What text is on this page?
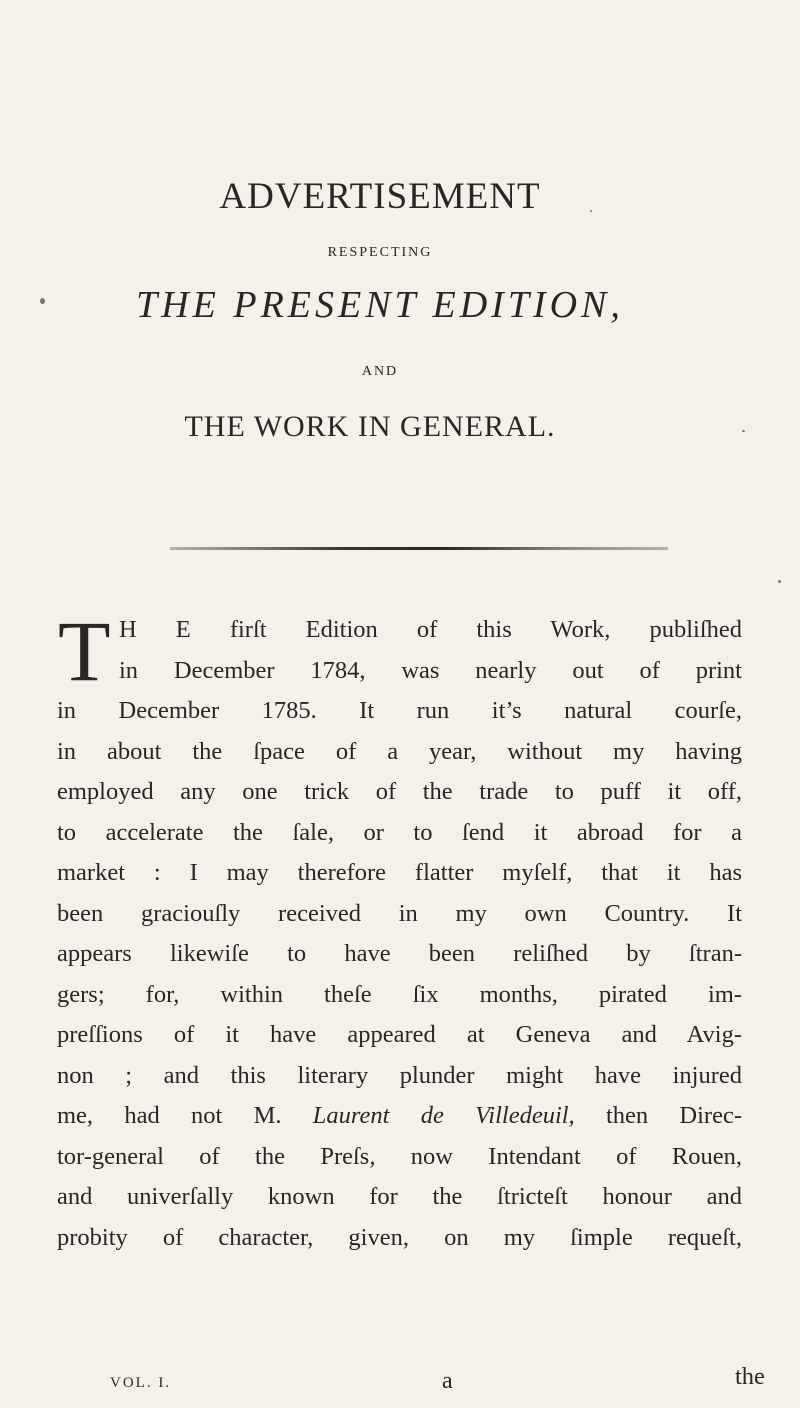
ADVERTISEMENT
RESPECTING
THE PRESENT EDITION,
AND
THE WORK IN GENERAL.
T H E firſt Edition of this Work, publiſhed
in December 1784, was nearly out of print
in December 1785. It run it’s natural courſe,
in about the ſpace of a year, without my having
employed any one trick of the trade to puff it off,
to accelerate the ſale, or to ſend it abroad for a
market : I may therefore flatter myſelf, that it has
been graciouſly received in my own Country. It
appears likewiſe to have been reliſhed by ſtran-
gers; for, within theſe ſix months, pirated im-
preſſions of it have appeared at Geneva and Avig-
non ; and this literary plunder might have injured
me, had not M. Laurent de Villedeuil, then Direc-
tor-general of the Preſs, now Intendant of Rouen,
and univerſally known for the ſtricteſt honour and
probity of character, given, on my ſimple requeſt,
VOL. I.	a	the
